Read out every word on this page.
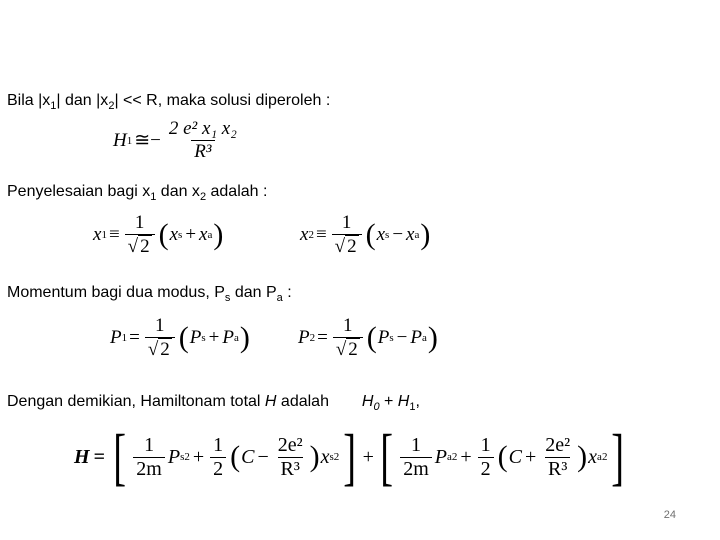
Bila $|x_1|$ dan $|x_2| << R$, maka solusi diperoleh :
H 1 ≅− $\frac{\text{2 e² x₁ x₂}}{\text{R³}}$
Penyelesaian bagi $x_1$ dan $x_2$ adalah :
x $1 \equiv \frac{1}{√ 2}$ ( x s + x a )	x $2 \equiv \frac{1}{√ 2}$ ( x s − x a )
Momentum bagi dua modus, $P_s$ dan $P_a$ :
P $1 = \frac{1}{√ 2}$ ( P s + P a )	P $2 = \frac{1}{√ 2}$ ( P s − P a )
Dengan demikian, Hamiltonam total H adalah $H_0 + H_1$,
H = [ $\frac{1}{2m}$ P s $2 + \frac{1}{2}$ ( $C - \frac{\text{2e²}}{\text{R³}}$ ) x s 2 ] + [ $\frac{1}{2m}$ P a $2 + \frac{1}{2}$ ( $C + \frac{\text{2e²}}{\text{R³}}$ ) x a 2 ]
24
